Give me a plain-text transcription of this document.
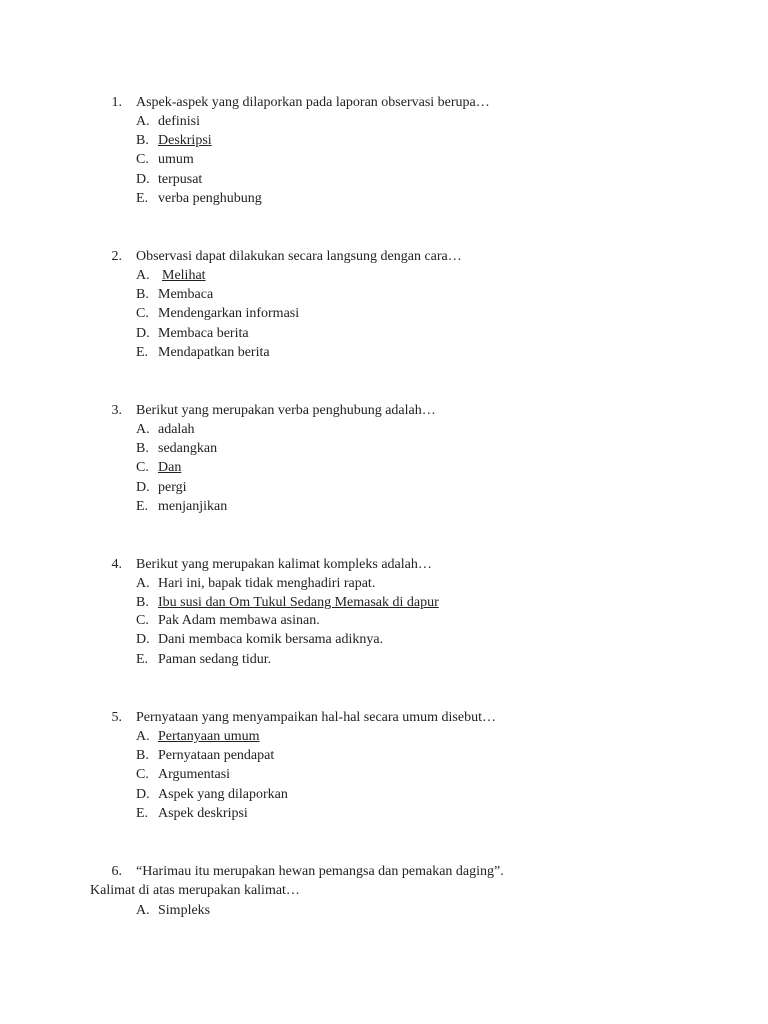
1. Aspek-aspek yang dilaporkan pada laporan observasi berupa…
A. definisi
B. Deskripsi
C. umum
D. terpusat
E. verba penghubung
2. Observasi dapat dilakukan secara langsung dengan cara…
A. Melihat
B. Membaca
C. Mendengarkan informasi
D. Membaca berita
E. Mendapatkan berita
3. Berikut yang merupakan verba penghubung adalah…
A. adalah
B. sedangkan
C. Dan
D. pergi
E. menjanjikan
4. Berikut yang merupakan kalimat kompleks adalah…
A. Hari ini, bapak tidak menghadiri rapat.
B. Ibu susi dan Om Tukul Sedang Memasak di dapur
C. Pak Adam membawa asinan.
D. Dani membaca komik bersama adiknya.
E. Paman sedang tidur.
5. Pernyataan yang menyampaikan hal-hal secara umum disebut…
A. Pertanyaan umum
B. Pernyataan pendapat
C. Argumentasi
D. Aspek yang dilaporkan
E. Aspek deskripsi
6. “Harimau itu merupakan hewan pemangsa dan pemakan daging”.
Kalimat di atas merupakan kalimat…
A. Simpleks
